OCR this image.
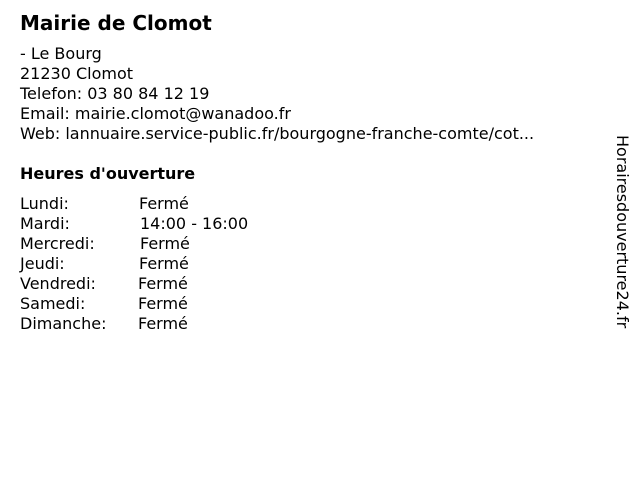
Mairie de Clomot
- Le Bourg
21230 Clomot
Telefon: 03 80 84 12 19
Email: mairie.clomot@wanadoo.fr
Web: lannuaire.service-public.fr/bourgogne-franche-comte/cot...
Heures d'ouverture
Lundi:	Fermé
Mardi:	14:00 - 16:00
Mercredi:	Fermé
Jeudi:	Fermé
Vendredi:	Fermé
Samedi:	Fermé
Dimanche: Fermé	Horairesdouverture24.fr
